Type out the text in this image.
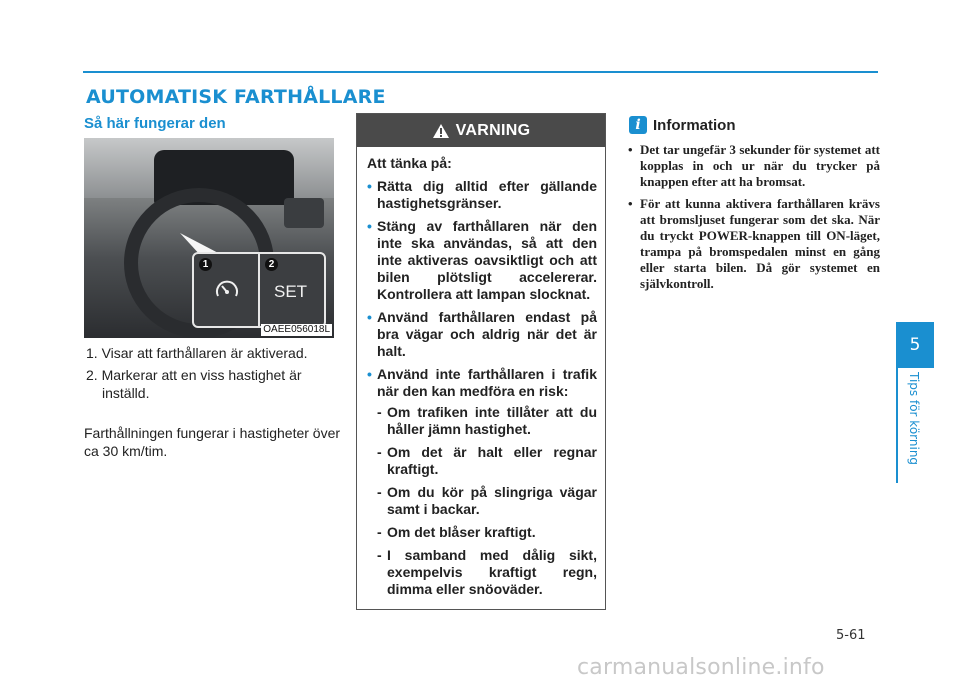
AUTOMATISK FARTHÅLLARE
Så här fungerar den
1	2
SET
OAEE056018L
1. Visar att farthållaren är aktiverad.
2. Markerar att en viss hastighet är inställd.

Farthållningen fungerar i hastigheter över ca 30 km/tim.

VARNING

Att tänka på:

• Rätta dig alltid efter gällande hastighetsgränser.
• Stäng av farthållaren när den inte ska användas, så att den inte aktiveras oavsiktligt och att bilen plötsligt accelererar. Kontrollera att lampan slocknat.
• Använd farthållaren endast på bra vägar och aldrig när det är halt.
• Använd inte farthållaren i trafik när den kan medföra en risk:
- Om trafiken inte tillåter att du håller jämn hastighet.
- Om det är halt eller regnar kraftigt.
- Om du kör på slingriga vägar samt i backar.
- Om det blåser kraftigt.
- I samband med dålig sikt, exempelvis kraftigt regn, dimma eller snöoväder.
i Information
• Det tar ungefär 3 sekunder för systemet att kopplas in och ur när du trycker på knappen efter att ha bromsat.
• För att kunna aktivera farthållaren krävs att bromsljuset fungerar som det ska. När du tryckt POWER-knappen till ON-läget, trampa på bromspedalen minst en gång eller starta bilen. Då gör systemet en självkontroll.
5
Tips för körning
5-61
carmanualsonline.info
